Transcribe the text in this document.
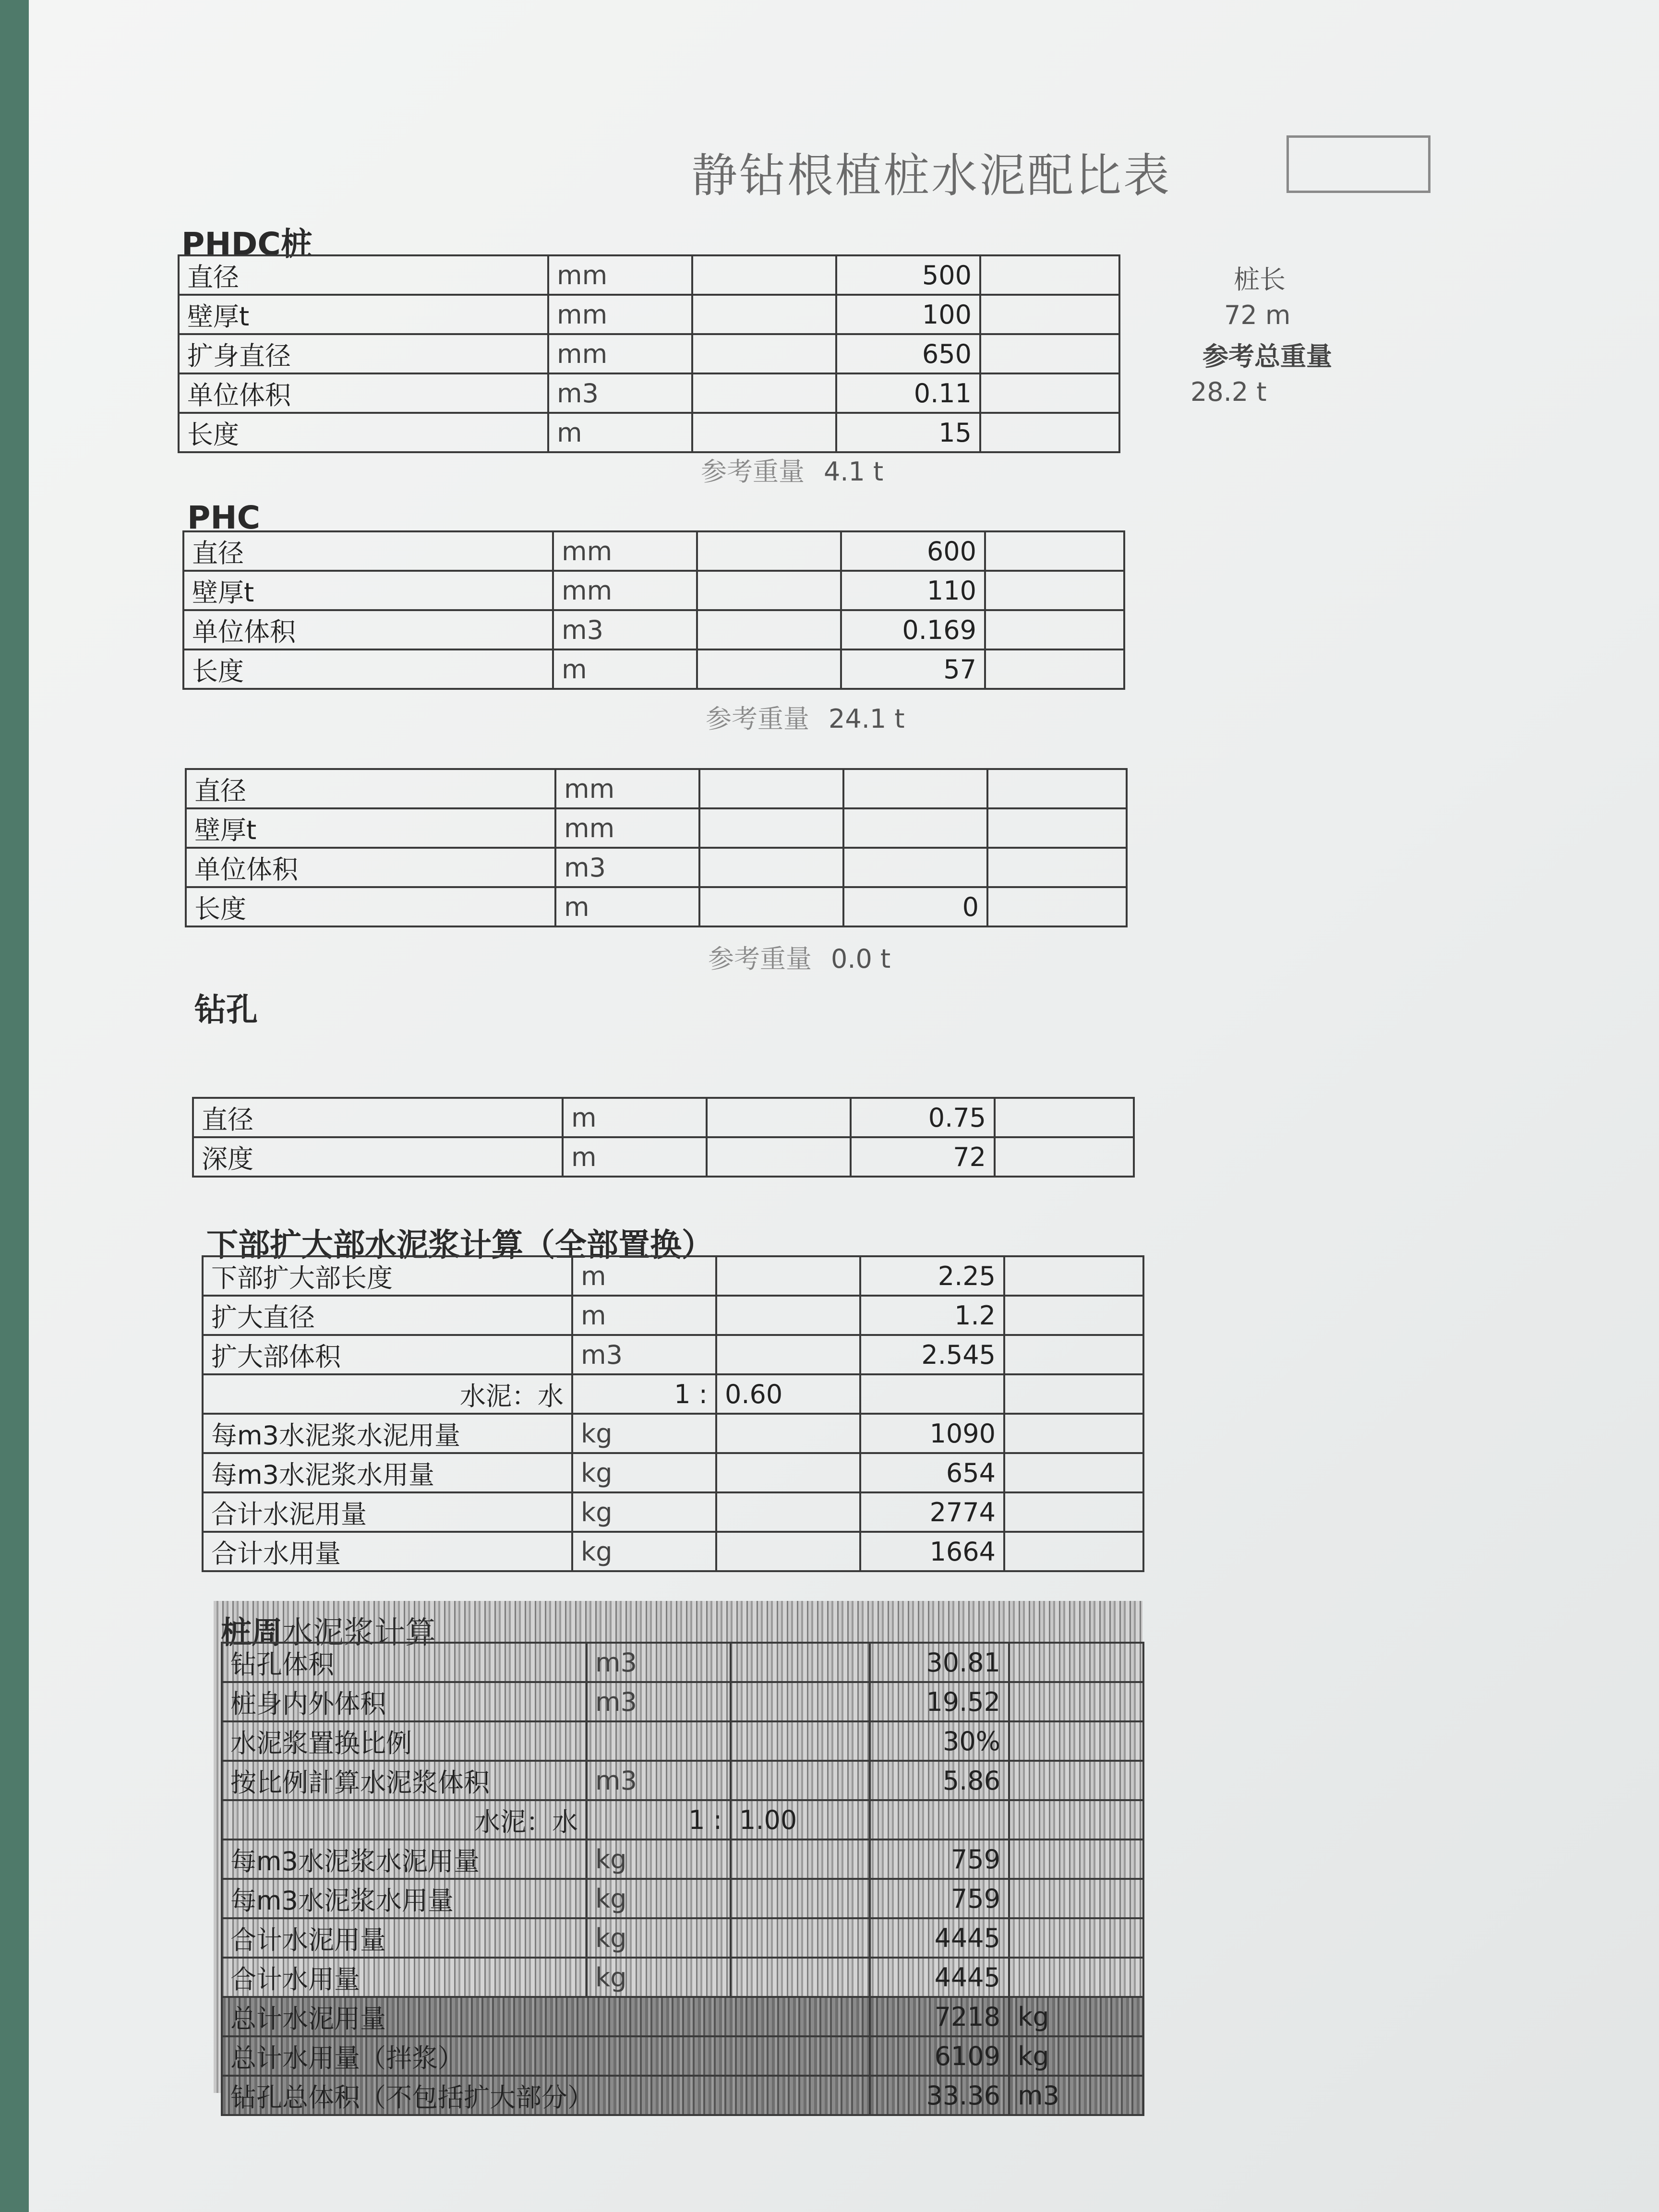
静钻根植桩水泥配比表
桩长
72 m
参考总重量
28.2 t
PHDC桩
直径	mm		500	
壁厚t	mm		100	
扩身直径	mm		650	
单位体积	m3		0.11	
长度	m		15	
参考重量 4.1 t
PHC
直径	mm		600	
壁厚t	mm		110	
单位体积	m3		0.169	
长度	m		57	
参考重量 24.1 t
直径	mm			
壁厚t	mm			
单位体积	m3			
长度	m		0	
参考重量 0.0 t
钻孔
直径	m		0.75	
深度	m		72	
下部扩大部水泥浆计算（全部置换）
下部扩大部长度	m		2.25	
扩大直径	m		1.2	
扩大部体积	m3		2.545	
水泥：水	1 :	0.60		
每m3水泥浆水泥用量	kg		1090	
每m3水泥浆水用量	kg		654	
合计水泥用量	kg		2774	
合计水用量	kg		1664	
桩周水泥浆计算
钻孔体积	m3		30.81	
桩身内外体积	m3		19.52	
水泥浆置换比例			30%	
按比例計算水泥浆体积	m3		5.86	
水泥：水	1 :	1.00		
每m3水泥浆水泥用量	kg		759	
每m3水泥浆水用量	kg		759	
合计水泥用量	kg		4445	
合计水用量	kg		4445	
总计水泥用量			7218	kg
总计水用量（拌浆）			6109	kg
钻孔总体积（不包括扩大部分）			33.36	m3
